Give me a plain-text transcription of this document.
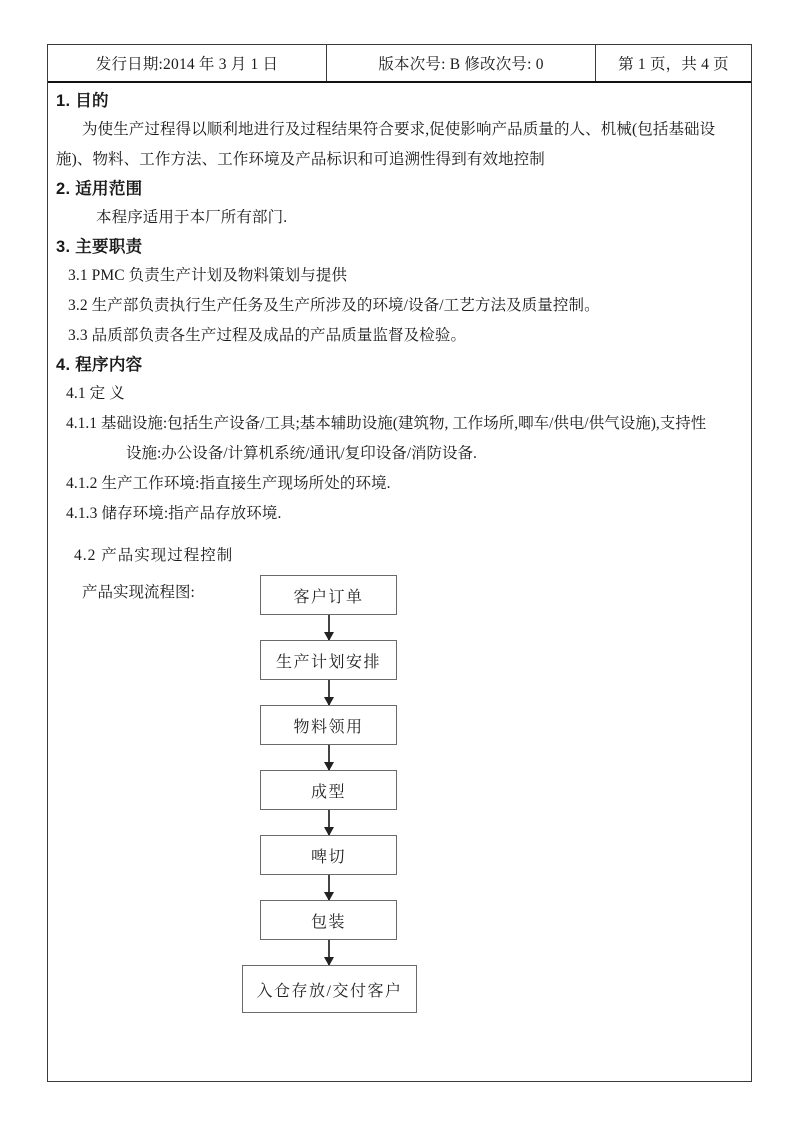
发行日期:2014 年 3 月 1 日	版本次号: B 修改次号: 0	第 1 页，共 4 页
1. 目的

为使生产过程得以顺利地进行及过程结果符合要求,促使影响产品质量的人、机械(包括基础设施)、物料、工作方法、工作环境及产品标识和可追溯性得到有效地控制

2. 适用范围

本程序适用于本厂所有部门.

3. 主要职责

3.1 PMC 负责生产计划及物料策划与提供

3.2 生产部负责执行生产任务及生产所涉及的环境/设备/工艺方法及质量控制。

3.3 品质部负责各生产过程及成品的产品质量监督及检验。

4. 程序内容

4.1 定 义

4.1.1 基础设施:包括生产设备/工具;基本辅助设施(建筑物, 工作场所,唧车/供电/供气设施),支持性
设施:办公设备/计算机系统/通讯/复印设备/消防设备.

4.1.2 生产工作环境:指直接生产现场所处的环境.

4.1.3 储存环境:指产品存放环境.

4.2 产品实现过程控制

产品实现流程图:	客户订单
生产计划安排
物料领用
成型
啤切
包装
入仓存放/交付客户
